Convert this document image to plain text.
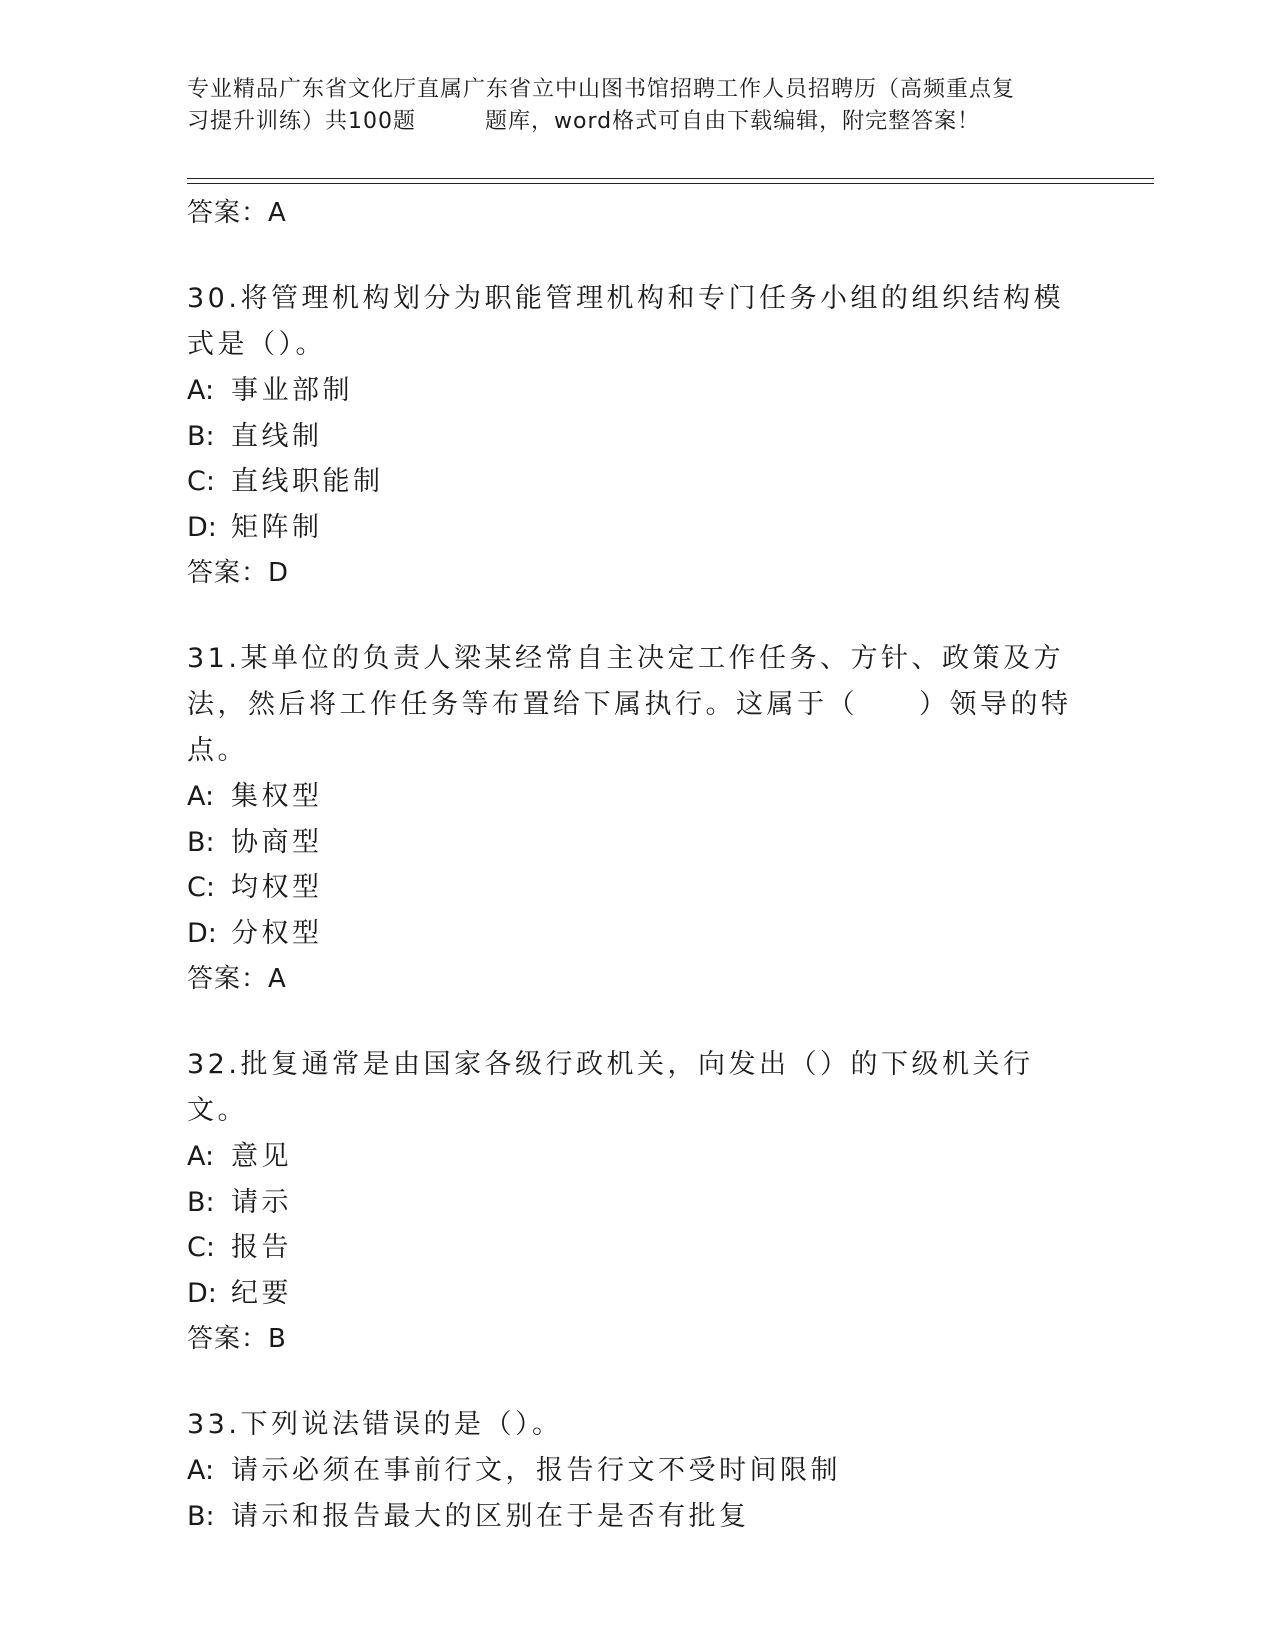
专业精品广东省文化厅直属广东省立中山图书馆招聘工作人员招聘历（高频重点复
习提升训练）共100题　　　题库，word格式可自由下载编辑，附完整答案！
答案：A
30.将管理机构划分为职能管理机构和专门任务小组的组织结构模式是（）。
A: 事业部制
B: 直线制
C: 直线职能制
D: 矩阵制
答案：D
31.某单位的负责人梁某经常自主决定工作任务、方针、政策及方法，然后将工作任务等布置给下属执行。这属于（　　）领导的特点。
A: 集权型
B: 协商型
C: 均权型
D: 分权型
答案：A
32.批复通常是由国家各级行政机关，向发出（）的下级机关行文。
A: 意见
B: 请示
C: 报告
D: 纪要
答案：B
33.下列说法错误的是（）。
A: 请示必须在事前行文，报告行文不受时间限制
B: 请示和报告最大的区别在于是否有批复
